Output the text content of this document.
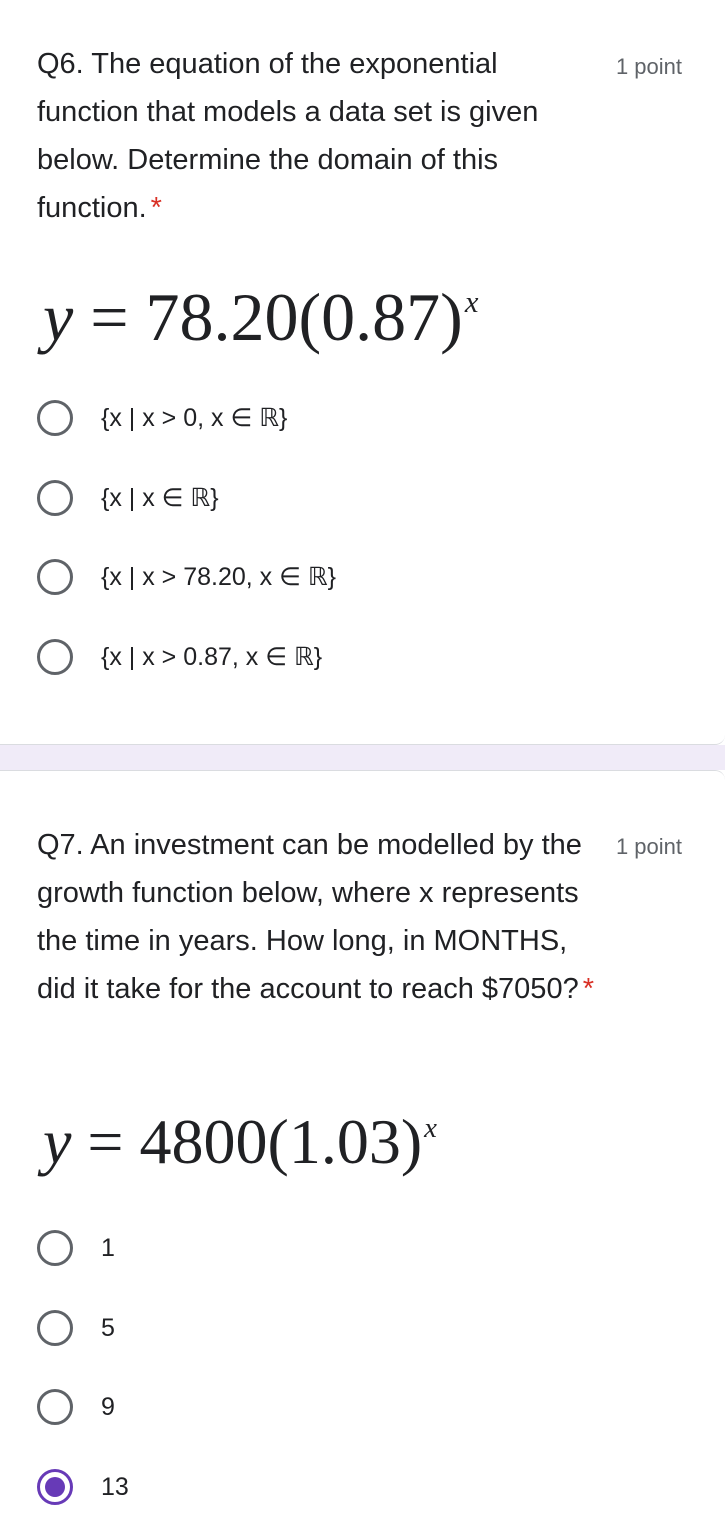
Q6. The equation of the exponential function that models a data set is given below. Determine the domain of this function. *
1 point
$y = 78.20(0.87)^x$
{x | x > 0, x ∈ ℝ}
{x | x ∈ ℝ}
{x | x > 78.20, x ∈ ℝ}
{x | x > 0.87, x ∈ ℝ}
Q7. An investment can be modelled by the growth function below, where x represents the time in years. How long, in MONTHS, did it take for the account to reach $7050? *
1 point
$y = 4800(1.03)^x$
1
5
9
13
